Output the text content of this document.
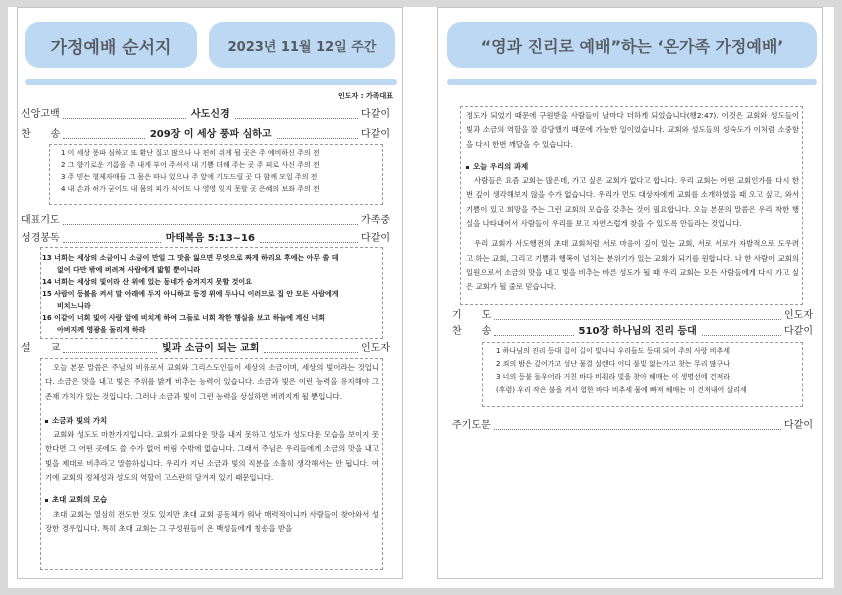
가정예배 순서지	2023년 11월 12일 주간
인도자 : 가족대표
신앙고백	사도신경	다같이
찬 송	209장 이 세상 풍파 심하고	다같이
1 이 세상 풍파 심하고 또 환난 질고 많으나 나 편히 쉬게 될 곳은 주 예비하신 주의 전
2 그 향기로운 기름을 주 내게 부어 주셔서 내 기쁨 더해 주는 곳 주 피로 사신 주의 전
3 주 믿는 형제자매들 그 몸은 따나 있으나 주 앞에 기도드릴 곳 다 함께 모일 주의 전
4 내 손과 허가 굳어도 내 몸의 피가 식어도 나 영영 잊지 못할 곳 은혜의 보좌 주의 전
대표기도	가족중
성경봉독	마태복음 5:13~16	다같이
13 너희는 세상의 소금이니 소금이 만일 그 맛을 잃으면 무엇으로 짜게 하리요 후에는 아무 쓸 데
없어 다만 밖에 버려져 사람에게 밟힐 뿐이니라
14 너희는 세상의 빛이라 산 위에 있는 동네가 숨겨지지 못할 것이요
15 사람이 등불을 켜서 말 아래에 두지 아니하고 등경 위에 두나니 이러므로 집 안 모든 사람에게
비치느니라
16 이같이 너희 빛이 사람 앞에 비치게 하여 그들로 너희 착한 행실을 보고 하늘에 계신 너희
아버지께 영광을 돌리게 하라
설 교	빛과 소금이 되는 교회	인도자

오늘 본문 말씀은 주님의 비유로서 교회와 그리스도인들이 세상의 소금이며, 세상의 빛이라는 것입니다. 소금은 맛을 내고 빛은 주위를 밝게 비추는 능력이 있습니다. 소금과 빛은 이런 능력을 유지해야 그 존재 가치가 있는 것입니다. 그러나 소금과 빛이 그런 능력을 상실하면 버려지게 될 뿐입니다.

소금과 빛의 가치

교회와 성도도 마찬가지입니다. 교회가 교회다운 맛을 내지 못하고 성도가 성도다운 모습을 보이지 못한다면 그 어떤 곳에도 쓸 수가 없어 버림 수밖에 없습니다. 그래서 주님은 우리들에게 소금의 맛을 내고 빛을 제대로 비추라고 말씀하십니다. 우리가 지닌 소금과 빛의 직분을 소홀히 생각해서는 안 됩니다. 여기에 교회의 정체성과 성도의 역할이 고스란히 담겨져 있기 때문입니다.

초대 교회의 모습

초대 교회는 열심히 전도한 것도 있지만 초대 교회 공동체가 워낙 매력적이니까 사람들이 찾아와서 성장한 경우입니다. 특히 초대 교회는 그 구성원들이 온 백성들에게 칭송을 받을

“영과 진리로 예배”하는 ‘온가족 가정예배’

정도가 되었기 때문에 구원받을 사람들이 날마다 더하게 되었습니다(행2:47). 이것은 교회와 성도들이 빛과 소금의 역할을 잘 감당했기 때문에 가능한 일이었습니다. 교회와 성도들의 성숙도가 이처럼 소중함을 다시 한번 깨달을 수 있습니다.

오늘 우리의 과제

사람들은 요즘 교회는 많은데, 가고 싶은 교회가 없다고 합니다. 우리 교회는 어떤 교회인가를 다시 한번 깊이 생각해보지 않을 수가 없습니다. 우리가 먼도 대상자에게 교회를 소개하였을 때 오고 싶고, 와서 기쁨이 있고 희망을 주는 그런 교회의 모습을 갖추는 것이 필요합니다. 오늘 본문의 말씀은 우리 착한 행실을 나타내어서 사람들이 우리를 보고 자연스럽게 찾을 수 있도록 만들라는 것입니다.

우리 교회가 사도행전의 초대 교회처럼 서로 마음이 깊이 있는 교회, 서로 서로가 자발적으로 도우려고 하는 교회, 그리고 기쁨과 행복이 넘치는 분위기가 있는 교회가 되기를 원합니다. 나 한 사람이 교회의 일원으로서 소금의 맛을 내고 빛을 비추는 바른 성도가 될 때 우리 교회는 모든 사람들에게 다시 가고 싶은 교회가 될 줄로 믿습니다.

기 도	인도자
찬 송	510장 하나님의 진리 등대	다같이
1 하나님의 진리 등대 길이 길이 빛나니 우리들도 등대 되어 주의 사랑 비추세
2 죄의 밤은 깊어가고 성난 물결 설렌다 어디 불빛 없는가고 찾는 무리 많구나
3 너의 등불 돌우어라 거친 바다 비춰라 빛을 찾아 헤매는 이 생명선에 건져라
(후렴) 우리 작은 불을 켜서 험한 바다 비추세 물에 빠져 헤매는 이 건져내어 살리세
주기도문	다같이
